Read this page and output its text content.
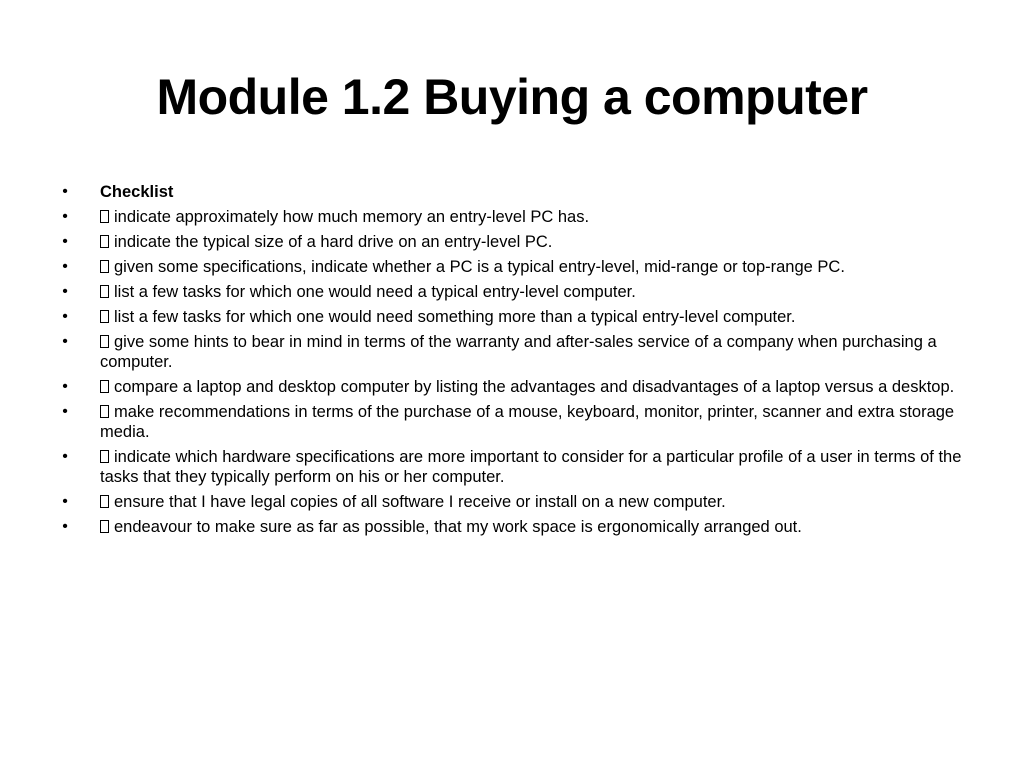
Module 1.2 Buying a computer
• Checklist
•	indicate approximately how much memory an entry-level PC has.
•	indicate the typical size of a hard drive on an entry-level PC.
•	given some specifications, indicate whether a PC is a typical entry-level, mid-range or top-range PC.
•	list a few tasks for which one would need a typical entry-level computer.
•	list a few tasks for which one would need something more than a typical entry-level computer.
•	give some hints to bear in mind in terms of the warranty and after-sales service of a company when purchasing a computer.
•	compare a laptop and desktop computer by listing the advantages and disadvantages of a laptop versus a desktop.
•	make recommendations in terms of the purchase of a mouse, keyboard, monitor, printer, scanner and extra storage media.
•	indicate which hardware specifications are more important to consider for a particular profile of a user in terms of the tasks that they typically perform on his or her computer.
•	ensure that I have legal copies of all software I receive or install on a new computer.
•	endeavour to make sure as far as possible, that my work space is ergonomically arranged out.
